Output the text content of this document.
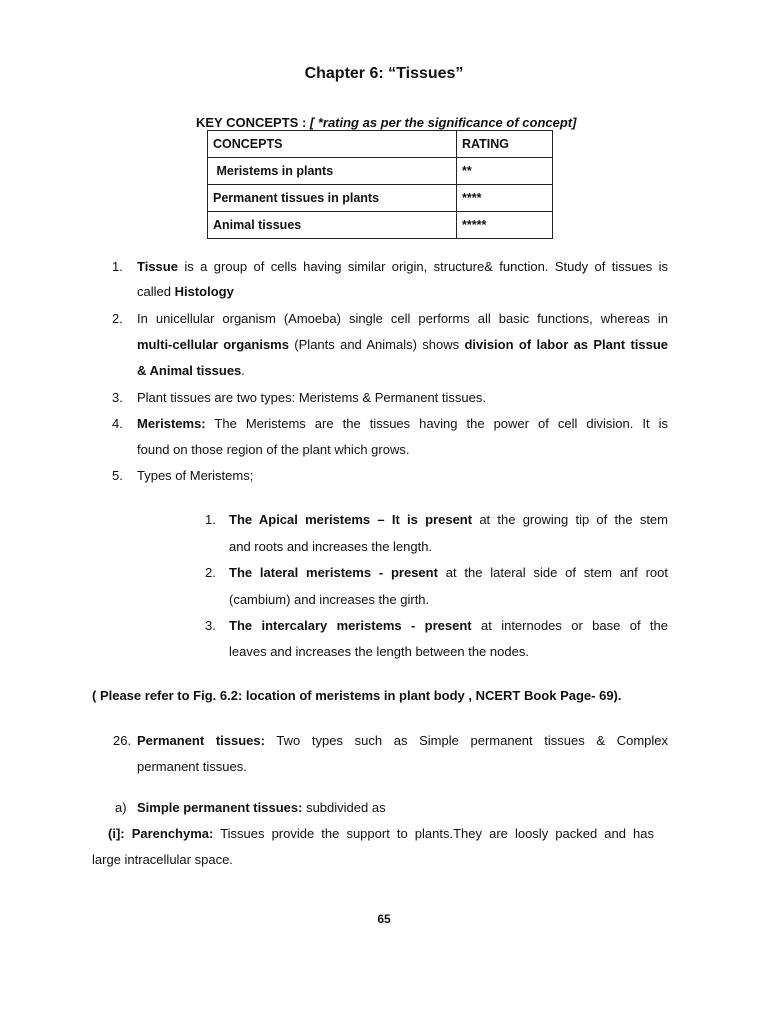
Chapter 6: “Tissues”
KEY CONCEPTS : [ *rating as per the significance of concept]
CONCEPTS	RATING
Meristems in plants	**
Permanent tissues in plants	****
Animal tissues	*****
1. Tissue is a group of cells having similar origin, structure& function. Study of tissues is
called Histology
2. In unicellular organism (Amoeba) single cell performs all basic functions, whereas in
multi-cellular organisms (Plants and Animals) shows division of labor as Plant tissue
& Animal tissues.
3. Plant tissues are two types: Meristems & Permanent tissues.
4. Meristems: The Meristems are the tissues having the power of cell division. It is
found on those region of the plant which grows.
5. Types of Meristems;
1. The Apical meristems – It is present at the growing tip of the stem
and roots and increases the length.
2. The lateral meristems - present at the lateral side of stem anf root
(cambium) and increases the girth.
3. The intercalary meristems - present at internodes or base of the
leaves and increases the length between the nodes.
( Please refer to Fig. 6.2: location of meristems in plant body , NCERT Book Page- 69).
26. Permanent tissues: Two types such as Simple permanent tissues & Complex
permanent tissues.
a) Simple permanent tissues: subdivided as
(i]: Parenchyma: Tissues provide the support to plants.They are loosly packed and has
large intracellular space.
65
